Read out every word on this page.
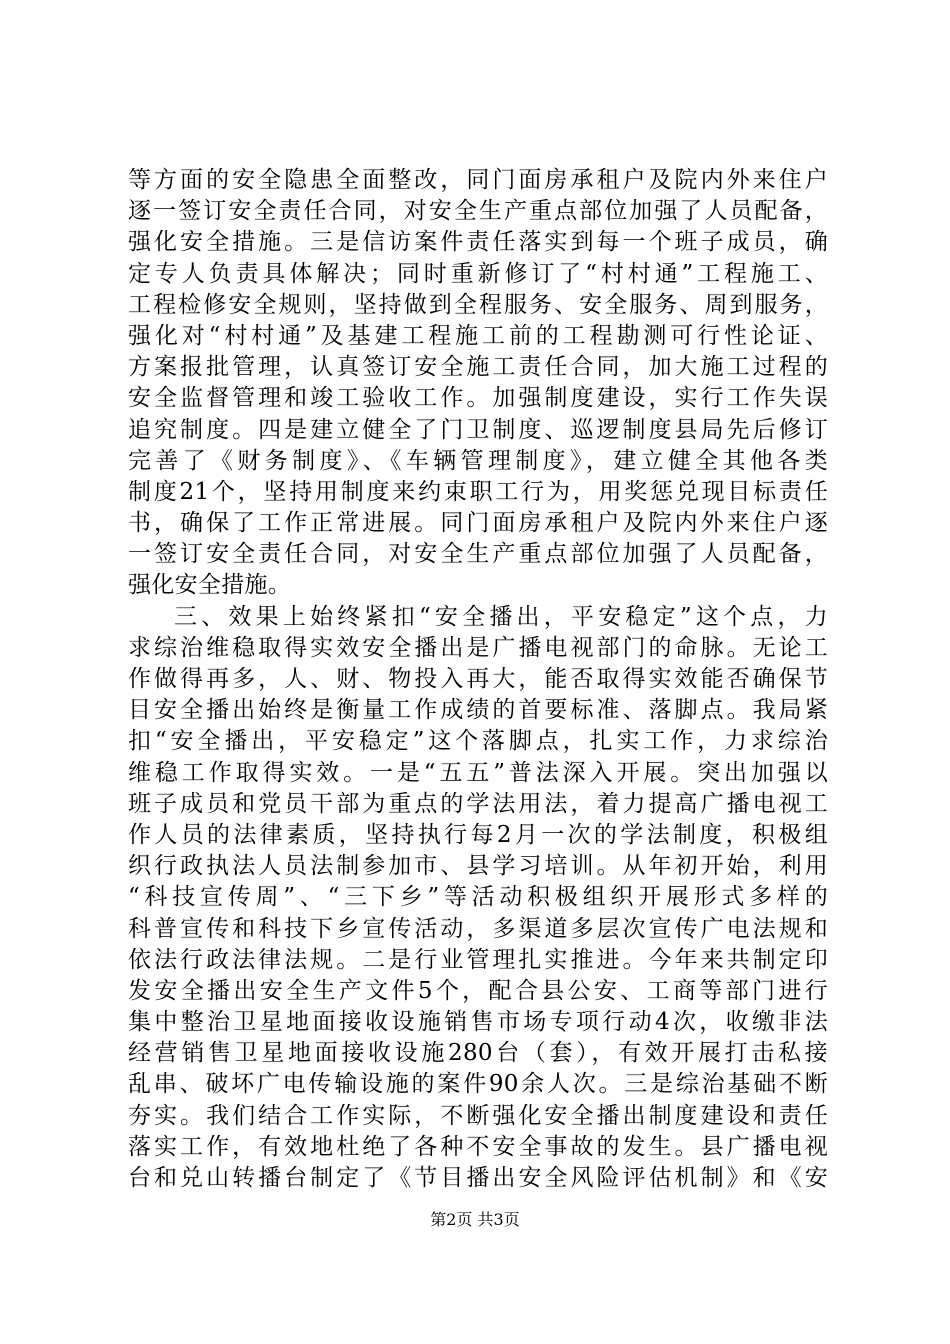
等方面的安全隐患全面整改，同门面房承租户及院内外来住户
逐一签订安全责任合同，对安全生产重点部位加强了人员配备，
强化安全措施。三是信访案件责任落实到每一个班子成员，确
定专人负责具体解决；同时重新修订了“村村通”工程施工、
工程检修安全规则，坚持做到全程服务、安全服务、周到服务，
强化对“村村通”及基建工程施工前的工程勘测可行性论证、
方案报批管理，认真签订安全施工责任合同，加大施工过程的
安全监督管理和竣工验收工作。加强制度建设，实行工作失误
追究制度。四是建立健全了门卫制度、巡逻制度县局先后修订
完善了《财务制度》、《车辆管理制度》，建立健全其他各类
制度21个，坚持用制度来约束职工行为，用奖惩兑现目标责任
书，确保了工作正常进展。同门面房承租户及院内外来住户逐
一签订安全责任合同，对安全生产重点部位加强了人员配备，
强化安全措施。
三、效果上始终紧扣“安全播出，平安稳定”这个点，力
求综治维稳取得实效安全播出是广播电视部门的命脉。无论工
作做得再多，人、财、物投入再大，能否取得实效能否确保节
目安全播出始终是衡量工作成绩的首要标准、落脚点。我局紧
扣“安全播出，平安稳定”这个落脚点，扎实工作，力求综治
维稳工作取得实效。一是“五五”普法深入开展。突出加强以
班子成员和党员干部为重点的学法用法，着力提高广播电视工
作人员的法律素质，坚持执行每2月一次的学法制度，积极组
织行政执法人员法制参加市、县学习培训。从年初开始，利用
“科技宣传周”、“三下乡”等活动积极组织开展形式多样的
科普宣传和科技下乡宣传活动，多渠道多层次宣传广电法规和
依法行政法律法规。二是行业管理扎实推进。今年来共制定印
发安全播出安全生产文件5个，配合县公安、工商等部门进行
集中整治卫星地面接收设施销售市场专项行动4次，收缴非法
经营销售卫星地面接收设施280台（套），有效开展打击私接
乱串、破坏广电传输设施的案件90余人次。三是综治基础不断
夯实。我们结合工作实际，不断强化安全播出制度建设和责任
落实工作，有效地杜绝了各种不安全事故的发生。县广播电视
台和兑山转播台制定了《节目播出安全风险评估机制》和《安
第2页 共3页
